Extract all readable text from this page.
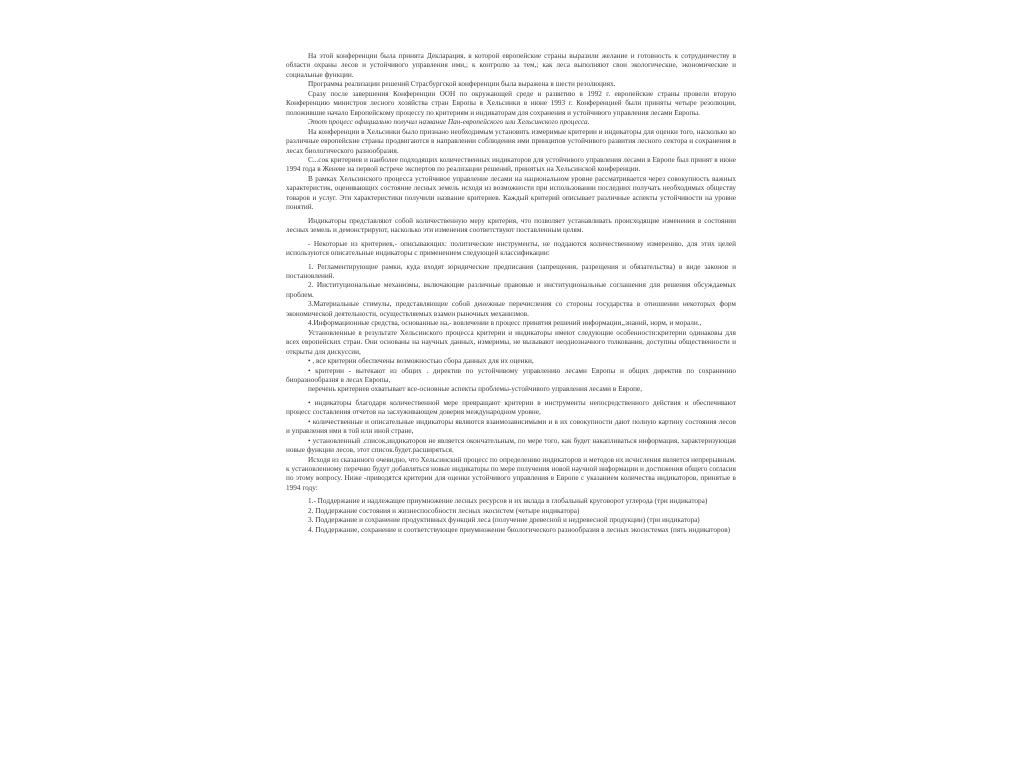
На этой конференции была принята Декларация, в которой европейские страны выразили желание и готовность к сотрудничеству в области охраны лесов и устойчивого управления ими,; к контролю за тем,; как леса выполняют свои экологические, экономические и социальные функции.

Программа реализации решений Страсбургской конференции была выражена в шести резолюциях.

Сразу после завершения Конференции ООН по окружающей среде и развитию в 1992 г. европейские страны провели вторую Конференцию министров лесного хозяйства стран Европы в Хельсинки в июне 1993 г. Конференцией были приняты четыре резолюции, положившие начало Европейскому процессу по критериям и индикаторам для сохранения и устойчивого управления лесами Европы.

Этот процесс официально получил название Пан-европейского или Хельсинского процесса.

На конференции в Хельсинки было признано необходимым установить измеримые критерии и индикаторы для оценки того, насколько ко различные европейские страны продвигаются в направлении соблюдения ими принципов устойчивого развития лесного сектора и сохранения в лесах биологического разнообразия.

С...сок критериев и наиболее подходящих количественных индикаторов для устойчивого управления лесами в Европе был принят в июне 1994 года в Женеве на первой встрече экспертов по реализации решений, принятых на Хельсинской конференции.

В рамках Хельсинского процесса устойчивое управление лесами на национальном уровне рассматривается через совокупность важных характеристик, оценивающих состояние лесных земель исходя из возможности при использовании последних получать необходимых обществу товаров и услуг. Эти характеристики получили название критериев. Каждый критерий описывает различные аспекты устойчивости на уровне понятий.

Индикаторы представляют собой количественную меру критерия, что позволяет устанавливать происходящие изменения в состоянии лесных земель и демонстрируют, насколько эти изменения соответствуют поставленным целям.

- Некоторые из критериев,- описывающих: политические инструменты, не поддаются количественному измерению, для этих целей используются описательные индикаторы с применением следующей классификации:

1. Регламентирующие рамки, куда входят юридические предписания (запрещения, разрещения и обязательства) в виде законов и постановлений.

2. Институциональные механизмы, включающие различные правовые и институциональные соглашения для решения обсуждаемых проблем.

3.Материальные стимулы, представляющие собой денежные перечисления со стороны государства в отношении некоторых форм экономической деятельности, осуществляемых взамен рыночных механизмов.

4.Информационные средства, основанные на,- вовлечении в процесс принятия решений информации,,знаний, норм, и морали.,

Установленные в результате Хельсинского процесса критерии и индикаторы имеют следующие особенности:критерии одинаковы для всех европейских стран. Они основаны на научных данных, измеримы, не вызывают неоднозначного толкования, доступны общественности и открыты для дискуссии,

• , все критерии обеспечены возможностью сбора данных для их оценки,

• критерии - вытекают из общих . директив по устойчивому управлению лесами Европы и общих директив по сохранению биоразнообразия в лесах Европы,

перечень критериев охватывает все-основные аспекты проблемы-устойчивого управления лесами в Европе,

• индикаторы благодаря количественной мере превращают критерии в инструменты непосредственного действия и обеспечивают процесс составления отчетов на заслуживающем доверия международном уровне,

• количественные и описательные индикаторы являются взаимозависимыми и в их совокупности дают полную картину состояния лесов и управления ими в той или иной стране,

• установленный .список,индикаторов не является окончательным, по мере того, как будет накапливаться информация, характеризующая новые функции лесов, этот список.будет.расширяться.

Исходя из сказанного очевидно, что Хельсинский процесс по определению индикаторов и методов их исчисления является непрерывным. к установленному перечню будут добавляться новые индикаторы по мере получения новой научной информации и достижения общего согласия по этому вопросу. Ниже -приводятся критерии для оценки устойчивого управления в Европе с указанием количества индикаторов, принятые в 1994 году:

1.- Поддержание и надлежащее приумножение лесных ресурсов и их вклада в глобальный круговорот углерода (три индикатора)

2. Поддержание состояния и жизнеспособности лесных экосистем (четыре индикатора)

3. Поддержание и сохранение продуктивных функций леса (получение древесной и недревесной продукции) (три индикатора)

4. Поддержание, сохранение и соответствующее приумножение биологического разнообразия в лесных экосистемах (пять индикаторов)
